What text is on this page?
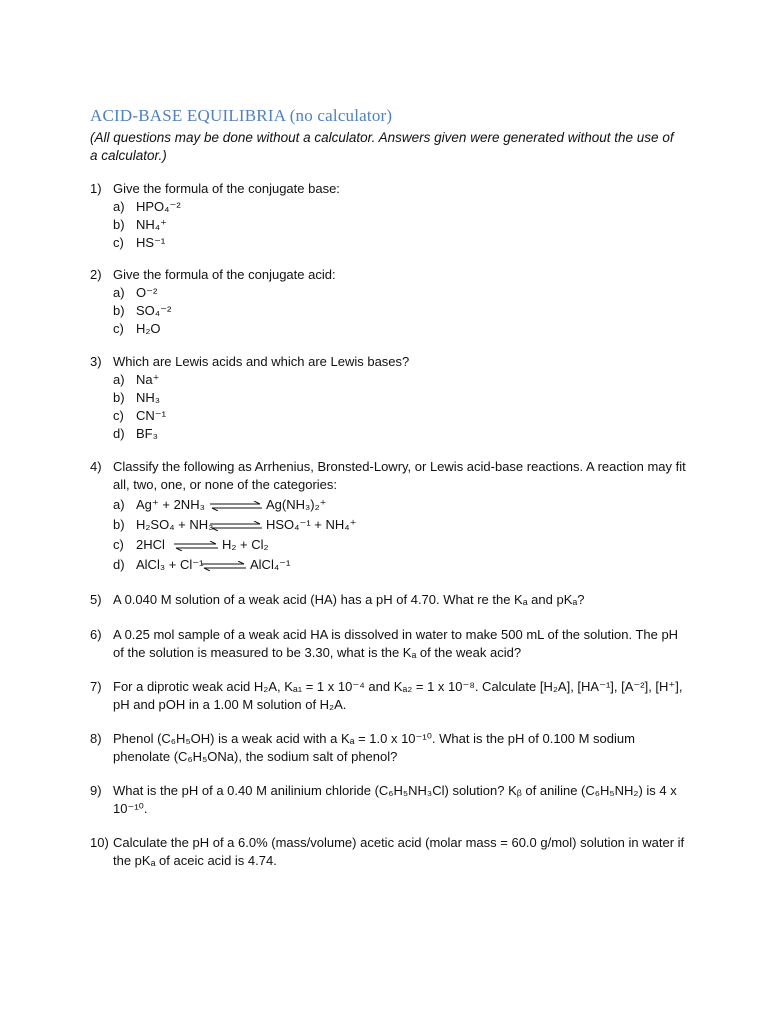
ACID-BASE EQUILIBRIA (no calculator)
(All questions may be done without a calculator. Answers given were generated without the use of a calculator.)
1) Give the formula of the conjugate base:
a) HPO₄⁻²
b) NH₄⁺
c) HS⁻¹
2) Give the formula of the conjugate acid:
a) O⁻²
b) SO₄⁻²
c) H₂O
3) Which are Lewis acids and which are Lewis bases?
a) Na⁺
b) NH₃
c) CN⁻¹
d) BF₃
4) Classify the following as Arrhenius, Bronsted-Lowry, or Lewis acid-base reactions. A reaction may fit all, two, one, or none of the categories:
a) Ag⁺ + 2NH₃ ⇌ Ag(NH₃)₂⁺
b) H₂SO₄ + NH₃ ⇌ HSO₄⁻¹ + NH₄⁺
c) 2HCl ⇌ H₂ + Cl₂
d) AlCl₃ + Cl⁻¹ ⇌ AlCl₄⁻¹
5) A 0.040 M solution of a weak acid (HA) has a pH of 4.70. What re the Kₐ and pKₐ?
6) A 0.25 mol sample of a weak acid HA is dissolved in water to make 500 mL of the solution. The pH of the solution is measured to be 3.30, what is the Kₐ of the weak acid?
7) For a diprotic weak acid H₂A, Kₐ₁ = 1 x 10⁻⁴ and Kₐ₂ = 1 x 10⁻⁸. Calculate [H₂A], [HA⁻¹], [A⁻²], [H⁺], pH and pOH in a 1.00 M solution of H₂A.
8) Phenol (C₆H₅OH) is a weak acid with a Kₐ = 1.0 x 10⁻¹⁰. What is the pH of 0.100 M sodium phenolate (C₆H₅ONa), the sodium salt of phenol?
9) What is the pH of a 0.40 M anilinium chloride (C₆H₅NH₃Cl) solution? Kᵦ of aniline (C₆H₅NH₂) is 4 x 10⁻¹⁰.
10) Calculate the pH of a 6.0% (mass/volume) acetic acid (molar mass = 60.0 g/mol) solution in water if the pKₐ of aceic acid is 4.74.
